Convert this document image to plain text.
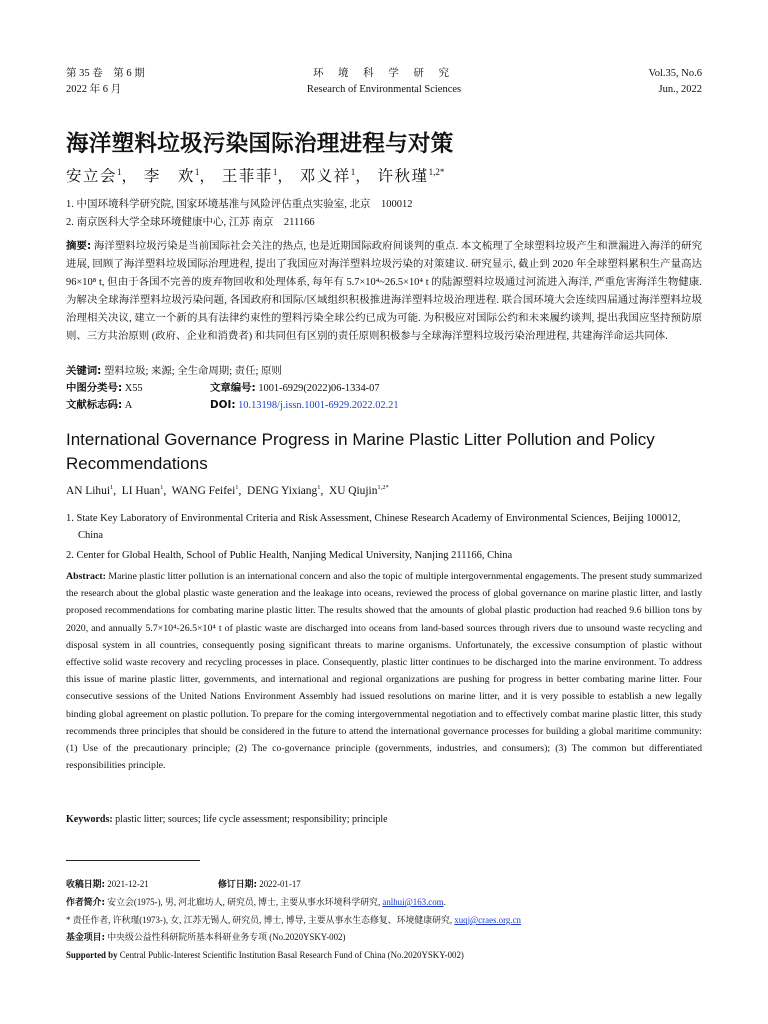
第 35 卷　第 6 期
2022 年 6 月
环 境 科 学 研 究
Research of Environmental Sciences
Vol.35, No.6
Jun., 2022
海洋塑料垃圾污染国际治理进程与对策
安立会$^1$， 李　欢$^1$， 王菲菲$^1$， 邓义祥$^1$， 许秋瑾$^{1,2*}$
1. 中国环境科学研究院, 国家环境基准与风险评估重点实验室, 北京　100012
2. 南京医科大学全球环境健康中心, 江苏 南京　211166
摘要: 海洋塑料垃圾污染是当前国际社会关注的热点, 也是近期国际政府间谈判的重点. 本文梳理了全球塑料垃圾产生和泄漏进入海洋的研究进展, 回顾了海洋塑料垃圾国际治理进程, 提出了我国应对海洋塑料垃圾污染的对策建议. 研究显示, 截止到 2020 年全球塑料累积生产量高达 96×10⁸ t, 但由于各国不完善的废弃物回收和处理体系, 每年有 5.7×10⁴~26.5×10⁴ t 的陆源塑料垃圾通过河流进入海洋, 严重危害海洋生物健康. 为解决全球海洋塑料垃圾污染问题, 各国政府和国际/区域组织积极推进海洋塑料垃圾治理进程. 联合国环境大会连续四届通过海洋塑料垃圾治理相关决议, 建立一个新的具有法律约束性的塑料污染全球公约已成为可能. 为积极应对国际公约和未来履约谈判, 提出我国应坚持预防原则、三方共治原则 (政府、企业和消费者) 和共同但有区别的责任原则积极参与全球海洋塑料垃圾污染治理进程, 共建海洋命运共同体.
关键词: 塑料垃圾; 来源; 全生命周期; 责任; 原则
中图分类号: X55	文章编号: 1001-6929(2022)06-1334-07
文献标志码: A	DOI: 10.13198/j.issn.1001-6929.2022.02.21
International Governance Progress in Marine Plastic Litter Pollution and Policy Recommendations
AN Lihui$^1$,  LI Huan$^1$,  WANG Feifei$^1$,  DENG Yixiang$^1$,  XU Qiujin$^{1,2*}$
1. State Key Laboratory of Environmental Criteria and Risk Assessment, Chinese Research Academy of Environmental Sciences, Beijing 100012, China
2. Center for Global Health, School of Public Health, Nanjing Medical University, Nanjing 211166, China
Abstract: Marine plastic litter pollution is an international concern and also the topic of multiple intergovernmental engagements. The present study summarized the research about the global plastic waste generation and the leakage into oceans, reviewed the process of global governance on marine plastic litter, and lastly proposed recommendations for combating marine plastic litter. The results showed that the amounts of global plastic production had reached 9.6 billion tons by 2020, and annually 5.7×10⁴-26.5×10⁴ t of plastic waste are discharged into oceans from land-based sources through rivers due to unsound waste recycling and disposal system in all countries, consequently posing significant threats to marine organisms. Unfortunately, the excessive consumption of plastic without effective solid waste recovery and recycling processes in place. Consequently, plastic litter continues to be discharged into the marine environment. To address this issue of marine plastic litter, governments, and international and regional organizations are pushing for progress in better combating marine litter. Four consecutive sessions of the United Nations Environment Assembly had issued resolutions on marine litter, and it is very possible to establish a new legally binding global agreement on plastic pollution. To prepare for the coming intergovernmental negotiation and to effectively combat marine plastic litter, this study recommends three principles that should be considered in the future to attend the international governance processes for building a global maritime community: (1) Use of the precautionary principle; (2) The co-governance principle (governments, industries, and consumers); (3) The common but differentiated responsibilities principle.
Keywords: plastic litter; sources; life cycle assessment; responsibility; principle
收稿日期: 2021-12-21	修订日期: 2022-01-17
作者简介: 安立会(1975-), 男, 河北廊坊人, 研究员, 博士, 主要从事水环境科学研究, anlhui@163.com.
* 责任作者, 许秋瑾(1973-), 女, 江苏无锡人, 研究员, 博士, 博导, 主要从事水生态修复、环境健康研究, xuqj@craes.org.cn
基金项目: 中央级公益性科研院所基本科研业务专项 (No.2020YSKY-002)
Supported by Central Public-Interest Scientific Institution Basal Research Fund of China (No.2020YSKY-002)
